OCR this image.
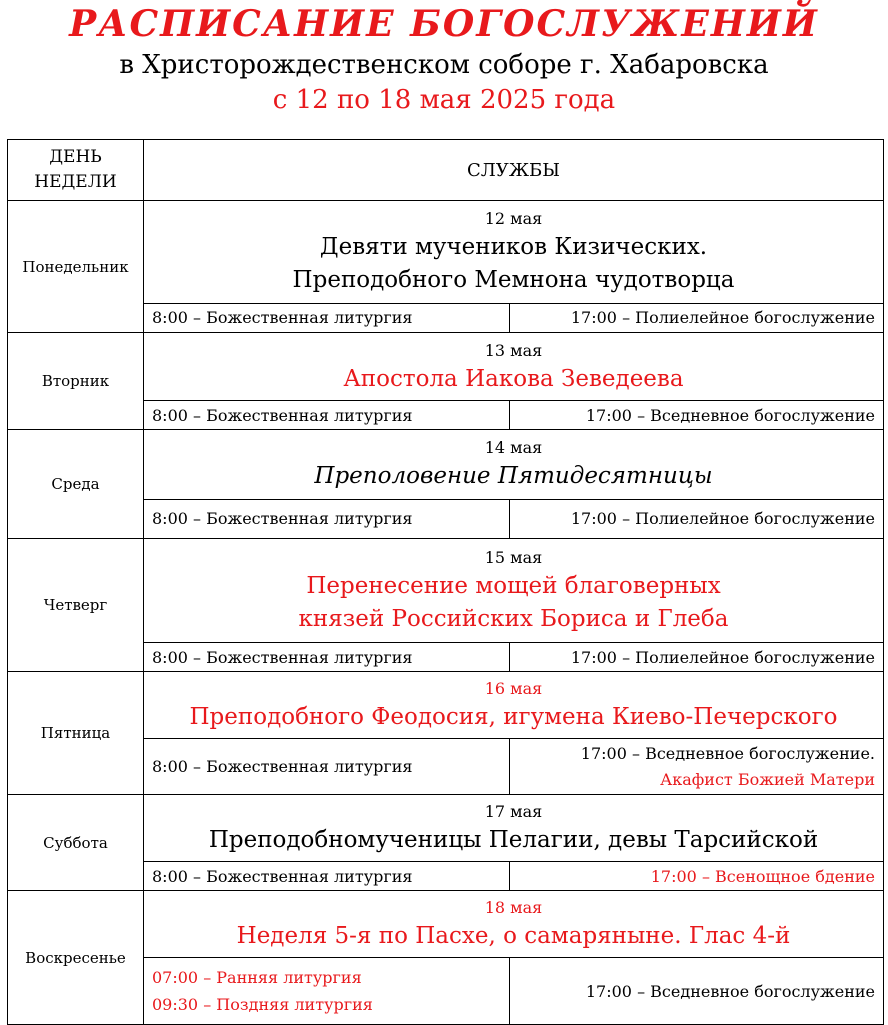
РАСПИСАНИЕ БОГОСЛУЖЕНИЙ
в Христорождественском соборе г. Хабаровска
с 12 по 18 мая 2025 года
ДЕНЬ НЕДЕЛИ	СЛУЖБЫ	
Понедельник	12 мая
Девяти мучеников Кизических.
Преподобного Мемнона чудотворца	

	8:00 – Божественная литургия	17:00 – Полиелейное богослужение
Вторник	13 мая
Апостола Иакова Зеведеева	

	8:00 – Божественная литургия	17:00 – Вседневное богослужение
Среда	14 мая
Преполовение Пятидесятницы	

	8:00 – Божественная литургия	17:00 – Полиелейное богослужение
Четверг	15 мая
Перенесение мощей благоверных
князей Российских Бориса и Глеба	

	8:00 – Божественная литургия	17:00 – Полиелейное богослужение
Пятница	16 мая
Преподобного Феодосия, игумена Киево-Печерского	

	8:00 – Божественная литургия	17:00 – Вседневное богослужение.
Акафист Божией Матери

Суббота	17 мая
Преподобномученицы Пелагии, девы Тарсийской	

	8:00 – Божественная литургия	17:00 – Всенощное бдение
Воскресенье	18 мая
Неделя 5-я по Пасхе, о самаряныне. Глас 4-й	

	07:00 – Ранняя литургия
09:30 – Поздняя литургия	17:00 – Вседневное богослужение
